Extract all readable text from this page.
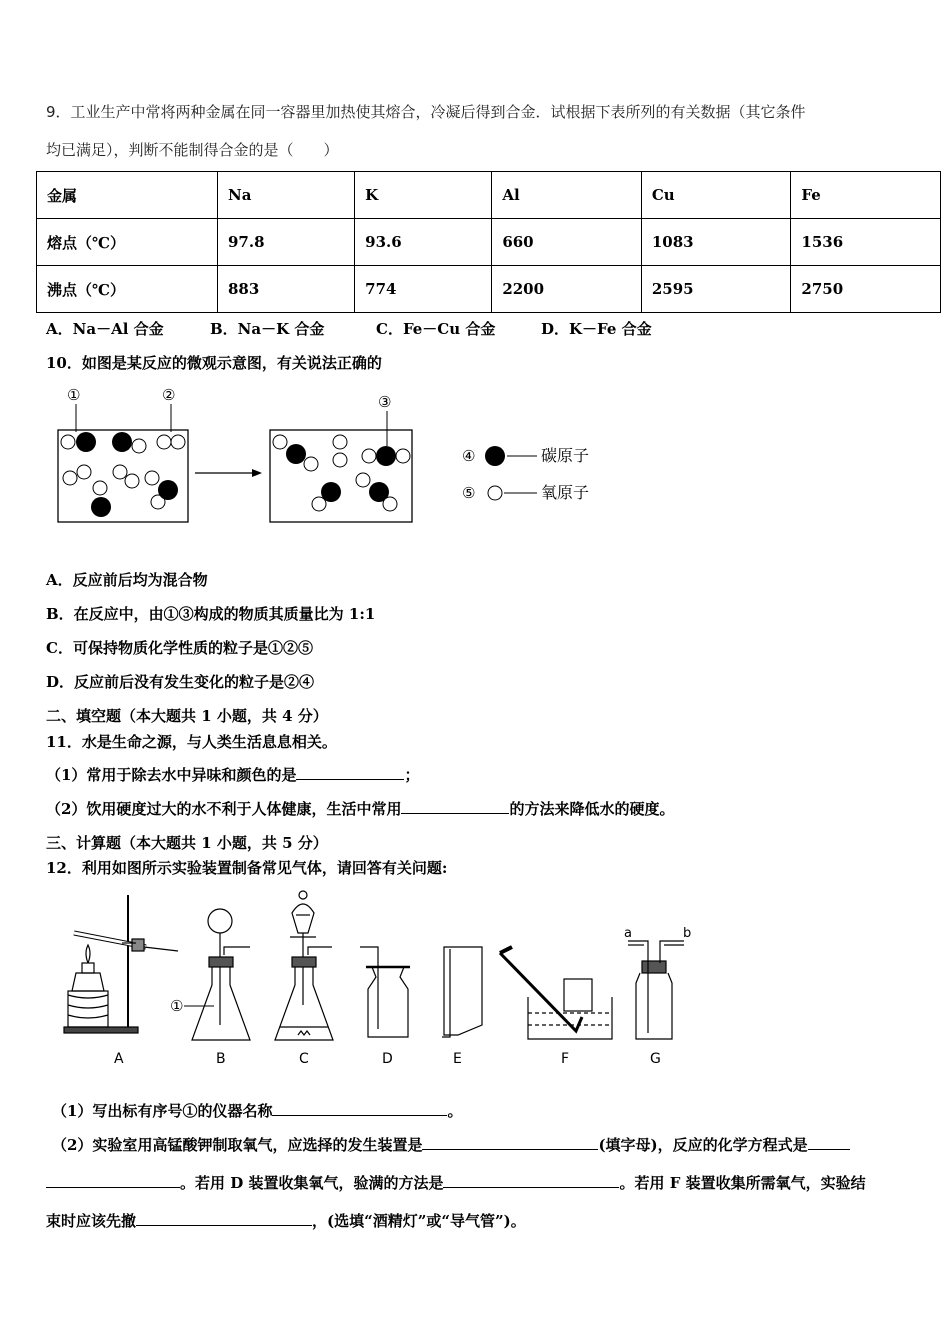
9．工业生产中常将两种金属在同一容器里加热使其熔合，冷凝后得到合金．试根据下表所列的有关数据（其它条件
均已满足），判断不能制得合金的是（　　）
金属	Na	K	Al	Cu	Fe
熔点（℃）	97.8	93.6	660	1083	1536
沸点（℃）	883	774	2200	2595	2750
A．Na－Al 合金	B．Na－K 合金	C．Fe－Cu 合金	D．K－Fe 合金
10．如图是某反应的微观示意图，有关说法正确的
①	②	③
④	碳原子
⑤	氧原子
A．反应前后均为混合物
B．在反应中，由①③构成的物质其质量比为 1:1
C．可保持物质化学性质的粒子是①②⑤
D．反应前后没有发生变化的粒子是②④
二、填空题（本大题共 1 小题，共 4 分）
11．水是生命之源，与人类生活息息相关。
（1）常用于除去水中异味和颜色的是	；
（2）饮用硬度过大的水不利于人体健康，生活中常用	的方法来降低水的硬度。
三、计算题（本大题共 1 小题，共 5 分）
12．利用如图所示实验装置制备常见气体，请回答有关问题:
A
①
B	C	D	E	F
a	b
G
（1）写出标有序号①的仪器名称	。
（2）实验室用高锰酸钾制取氧气，应选择的发生装置是	(填字母)，反应的化学方程式是
。若用 D 装置收集氧气，验满的方法是	。若用 F 装置收集所需氧气，实验结
束时应该先撤	，(选填“酒精灯”或“导气管”)。
